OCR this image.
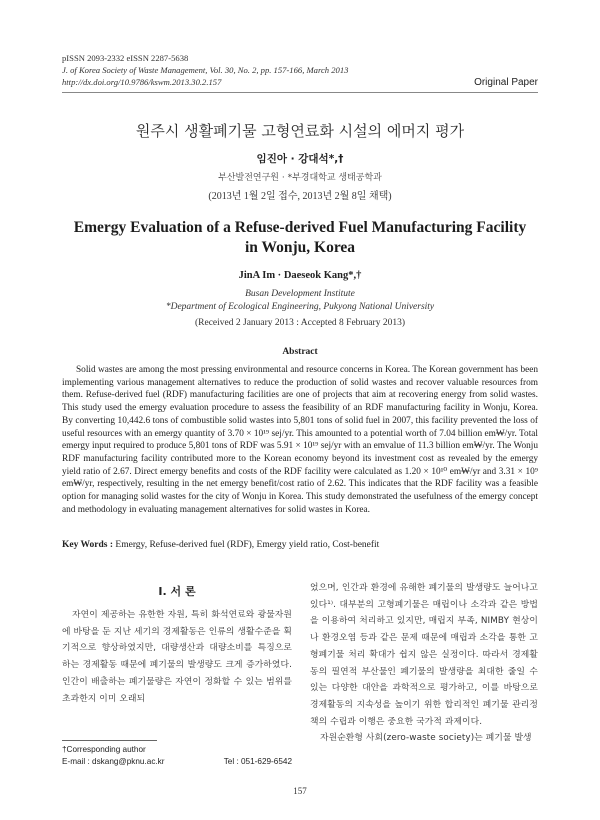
pISSN 2093-2332 eISSN 2287-5638
J. of Korea Society of Waste Management, Vol. 30, No. 2, pp. 157-166, March 2013
http://dx.doi.org/10.9786/kswm.2013.30.2.157	Original Paper
원주시 생활폐기물 고형연료화 시설의 에머지 평가
임진아 · 강대석*,†
부산발전연구원 · *부경대학교 생태공학과
(2013년 1월 2일 접수, 2013년 2월 8일 채택)
Emergy Evaluation of a Refuse-derived Fuel Manufacturing Facility
in Wonju, Korea
JinA Im · Daeseok Kang*,†
Busan Development Institute
*Department of Ecological Engineering, Pukyong National University
(Received 2 January 2013 : Accepted 8 February 2013)
Abstract
Solid wastes are among the most pressing environmental and resource concerns in Korea. The Korean government has been implementing various management alternatives to reduce the production of solid wastes and recover valuable resources from them. Refuse-derived fuel (RDF) manufacturing facilities are one of projects that aim at recovering energy from solid wastes. This study used the emergy evaluation procedure to assess the feasibility of an RDF manufacturing facility in Wonju, Korea. By converting 10,442.6 tons of combustible solid wastes into 5,801 tons of solid fuel in 2007, this facility prevented the loss of useful resources with an emergy quantity of 3.70 × 10¹⁹ sej/yr. This amounted to a potential worth of 7.04 billion em₩/yr. Total emergy input required to produce 5,801 tons of RDF was 5.91 × 10¹⁹ sej/yr with an emvalue of 11.3 billion em₩/yr. The Wonju RDF manufacturing facility contributed more to the Korean economy beyond its investment cost as revealed by the emergy yield ratio of 2.67. Direct emergy benefits and costs of the RDF facility were calculated as 1.20 × 10¹⁰ em₩/yr and 3.31 × 10⁹ em₩/yr, respectively, resulting in the net emergy benefit/cost ratio of 2.62. This indicates that the RDF facility was a feasible option for managing solid wastes for the city of Wonju in Korea. This study demonstrated the usefulness of the emergy concept and methodology in evaluating management alternatives for solid wastes in Korea.
Key Words : Emergy, Refuse-derived fuel (RDF), Emergy yield ratio, Cost-benefit
I. 서 론
자연이 제공하는 유한한 자원, 특히 화석연료와 광물자원에 바탕을 둔 지난 세기의 경제활동은 인류의 생활수준을 획기적으로 향상하였지만, 대량생산과 대량소비를 특징으로 하는 경제활동 때문에 폐기물의 발생량도 크게 증가하였다. 인간이 배출하는 폐기물량은 자연이 정화할 수 있는 범위를 초과한지 이미 오래되
었으며, 인간과 환경에 유해한 폐기물의 발생량도 늘어나고 있다¹⁾. 대부분의 고형폐기물은 매립이나 소각과 같은 방법을 이용하여 처리하고 있지만, 매립지 부족, NIMBY 현상이나 환경오염 등과 같은 문제 때문에 매립과 소각을 통한 고형폐기물 처리 확대가 쉽지 않은 실정이다. 따라서 경제활동의 필연적 부산물인 폐기물의 발생량을 최대한 줄일 수 있는 다양한 대안을 과학적으로 평가하고, 이를 바탕으로 경제활동의 지속성을 높이기 위한 합리적인 폐기물 관리정책의 수립과 이행은 중요한 국가적 과제이다.
자원순환형 사회(zero-waste society)는 폐기물 발생
†Corresponding author
E-mail : dskang@pknu.ac.kr	Tel : 051-629-6542
157
